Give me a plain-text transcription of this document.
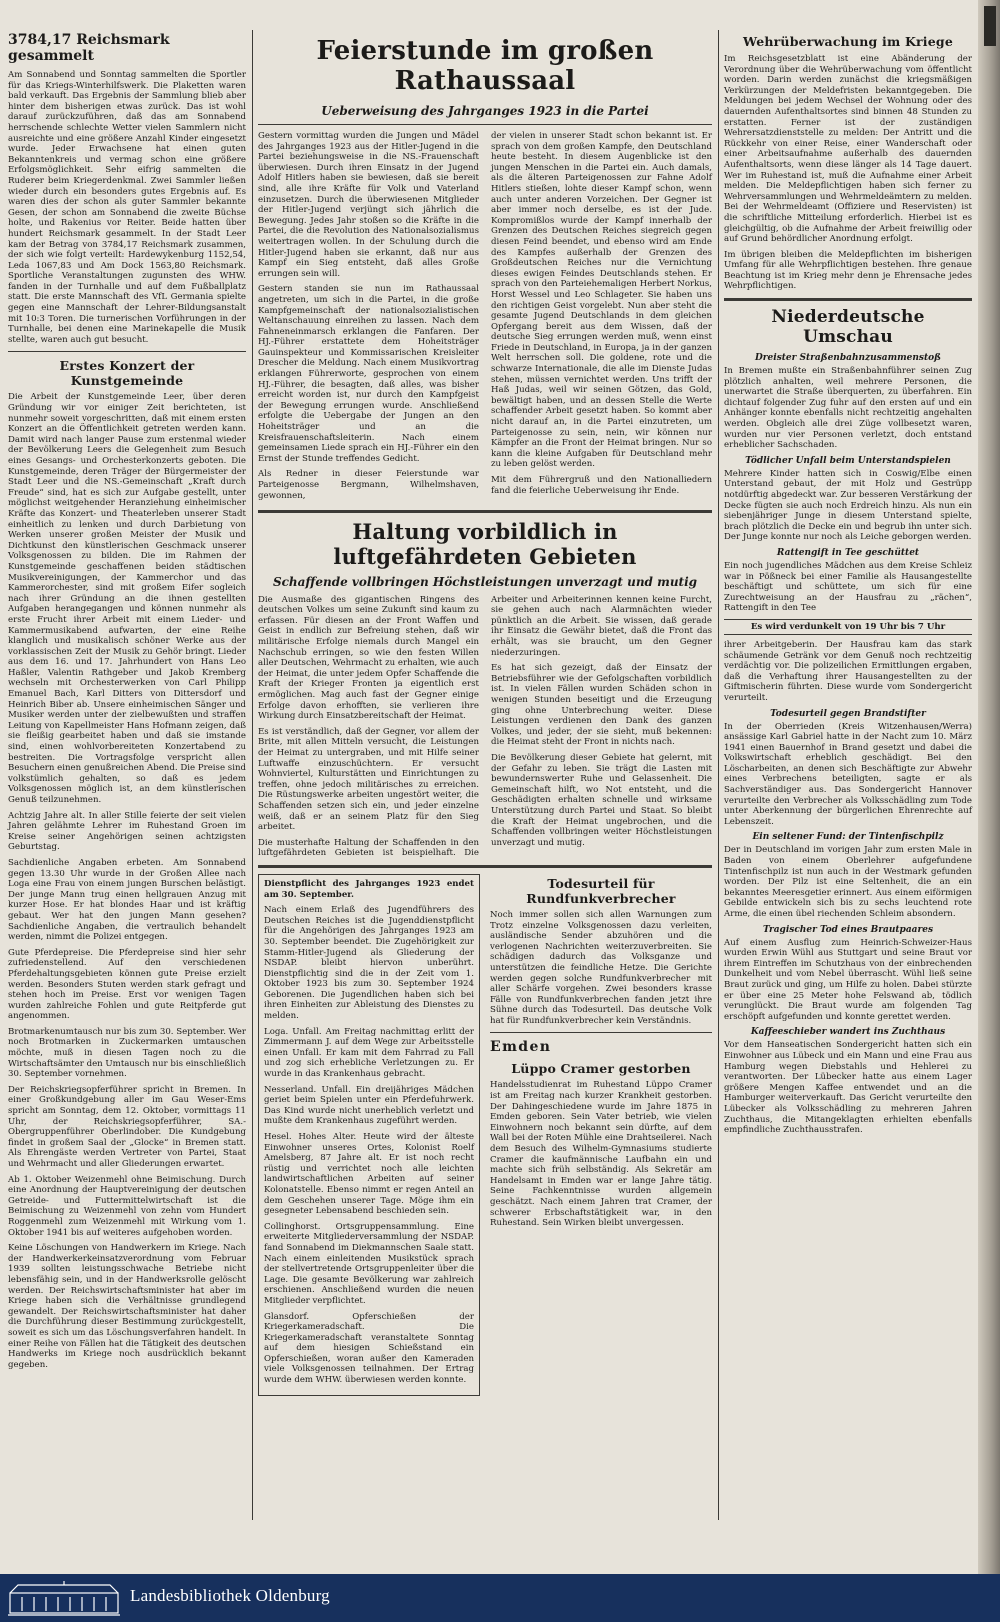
3784,17 Reichsmark gesammelt

Am Sonnabend und Sonntag sammelten die Sportler für das Kriegs-Winterhilfswerk. Die Plaketten waren bald verkauft. Das Ergebnis der Sammlung blieb aber hinter dem bisherigen etwas zurück. Das ist wohl darauf zurückzuführen, daß das am Sonnabend herrschende schlechte Wetter vielen Sammlern nicht ausreichte und eine größere Anzahl Kinder eingesetzt wurde. Jeder Erwachsene hat einen guten Bekanntenkreis und vermag schon eine größere Erfolgsmöglichkeit. Sehr eifrig sammelten die Ruderer beim Kriegerdenkmal. Zwei Sammler ließen wieder durch ein besonders gutes Ergebnis auf. Es waren dies der schon als guter Sammler bekannte Gesen, der schon am Sonnabend die zweite Büchse holte, und Rakenius vor Reiter. Beide hatten über hundert Reichsmark gesammelt. In der Stadt Leer kam der Betrag von 3784,17 Reichsmark zusammen, der sich wie folgt verteilt: Hardewykenburg 1152,54, Leda 1067,83 und Am Dock 1563,80 Reichsmark. Sportliche Veranstaltungen zugunsten des WHW. fanden in der Turnhalle und auf dem Fußballplatz statt. Die erste Mannschaft des VfL Germania spielte gegen eine Mannschaft der Lehrer-Bildungsanstalt mit 10:3 Toren. Die turnerischen Vorführungen in der Turnhalle, bei denen eine Marinekapelle die Musik stellte, waren auch gut besucht.

Erstes Konzert der Kunstgemeinde

Die Arbeit der Kunstgemeinde Leer, über deren Gründung wir vor einiger Zeit berichteten, ist nunmehr soweit vorgeschritten, daß mit einem ersten Konzert an die Öffentlichkeit getreten werden kann. Damit wird nach langer Pause zum erstenmal wieder der Bevölkerung Leers die Gelegenheit zum Besuch eines Gesangs- und Orchesterkonzerts geboten. Die Kunstgemeinde, deren Träger der Bürgermeister der Stadt Leer und die NS.-Gemeinschaft „Kraft durch Freude“ sind, hat es sich zur Aufgabe gestellt, unter möglichst weitgehender Heranziehung einheimischer Kräfte das Konzert- und Theaterleben unserer Stadt einheitlich zu lenken und durch Darbietung von Werken unserer großen Meister der Musik und Dichtkunst den künstlerischen Geschmack unserer Volksgenossen zu bilden. Die im Rahmen der Kunstgemeinde geschaffenen beiden städtischen Musikvereinigungen, der Kammerchor und das Kammerorchester, sind mit großem Eifer sogleich nach ihrer Gründung an die ihnen gestellten Aufgaben herangegangen und können nunmehr als erste Frucht ihrer Arbeit mit einem Lieder- und Kammermusikabend aufwarten, der eine Reihe klanglich und musikalisch schöner Werke aus der vorklassischen Zeit der Musik zu Gehör bringt. Lieder aus dem 16. und 17. Jahrhundert von Hans Leo Haßler, Valentin Rathgeber und Jakob Kremberg wechseln mit Orchesterwerken von Carl Philipp Emanuel Bach, Karl Ditters von Dittersdorf und Heinrich Biber ab. Unsere einheimischen Sänger und Musiker werden unter der zielbewußten und straffen Leitung von Kapellmeister Hans Hofmann zeigen, daß sie fleißig gearbeitet haben und daß sie imstande sind, einen wohlvorbereiteten Konzertabend zu bestreiten. Die Vortragsfolge verspricht allen Besuchern einen genußreichen Abend. Die Preise sind volkstümlich gehalten, so daß es jedem Volksgenossen möglich ist, an dem künstlerischen Genuß teilzunehmen.

Achtzig Jahre alt. In aller Stille feierte der seit vielen Jahren gelähmte Lehrer im Ruhestand Groen im Kreise seiner Angehörigen seinen achtzigsten Geburtstag.

Sachdienliche Angaben erbeten. Am Sonnabend gegen 13.30 Uhr wurde in der Großen Allee nach Loga eine Frau von einem jungen Burschen belästigt. Der junge Mann trug einen hellgrauen Anzug mit kurzer Hose. Er hat blondes Haar und ist kräftig gebaut. Wer hat den jungen Mann gesehen? Sachdienliche Angaben, die vertraulich behandelt werden, nimmt die Polizei entgegen.

Gute Pferdepreise. Die Pferdepreise sind hier sehr zufriedenstellend. Auf den verschiedenen Pferdehaltungsgebieten können gute Preise erzielt werden. Besonders Stuten werden stark gefragt und stehen hoch im Preise. Erst vor wenigen Tagen wurden zahlreiche Fohlen und gute Reitpferde gut angenommen.

Brotmarkenumtausch nur bis zum 30. September. Wer noch Brotmarken in Zuckermarken umtauschen möchte, muß in diesen Tagen noch zu die Wirtschaftsämter den Umtausch nur bis einschließlich 30. September vornehmen.

Der Reichskriegsopferführer spricht in Bremen. In einer Großkundgebung aller im Gau Weser-Ems spricht am Sonntag, dem 12. Oktober, vormittags 11 Uhr, der Reichskriegsopferführer, SA.-Obergruppenführer Oberlindober. Die Kundgebung findet in großem Saal der „Glocke“ in Bremen statt. Als Ehrengäste werden Vertreter von Partei, Staat und Wehrmacht und aller Gliederungen erwartet.

Ab 1. Oktober Weizenmehl ohne Beimischung. Durch eine Anordnung der Hauptvereinigung der deutschen Getreide- und Futtermittelwirtschaft ist die Beimischung zu Weizenmehl von zehn vom Hundert Roggenmehl zum Weizenmehl mit Wirkung vom 1. Oktober 1941 bis auf weiteres aufgehoben worden.

Keine Löschungen von Handwerkern im Kriege. Nach der Handwerkerkeinsatzverordnung vom Februar 1939 sollten leistungsschwache Betriebe nicht lebensfähig sein, und in der Handwerksrolle gelöscht werden. Der Reichswirtschaftsminister hat aber im Kriege haben sich die Verhältnisse grundlegend gewandelt. Der Reichswirtschaftsminister hat daher die Durchführung dieser Bestimmung zurückgestellt, soweit es sich um das Löschungsverfahren handelt. In einer Reihe von Fällen hat die Tätigkeit des deutschen Handwerks im Kriege noch ausdrücklich bekannt gegeben.

Feierstunde im großen Rathaussaal
Ueberweisung des Jahrganges 1923 in die Partei

Gestern vormittag wurden die Jungen und Mädel des Jahrganges 1923 aus der Hitler-Jugend in die Partei beziehungsweise in die NS.-Frauenschaft überwiesen. Durch ihren Einsatz in der Jugend Adolf Hitlers haben sie bewiesen, daß sie bereit sind, alle ihre Kräfte für Volk und Vaterland einzusetzen. Durch die überwiesenen Mitglieder der Hitler-Jugend verjüngt sich jährlich die Bewegung. Jedes Jahr stoßen so die Kräfte in die Partei, die die Revolution des Nationalsozialismus weitertragen wollen. In der Schulung durch die Hitler-Jugend haben sie erkannt, daß nur aus Kampf ein Sieg entsteht, daß alles Große errungen sein will.

Gestern standen sie nun im Rathaussaal angetreten, um sich in die Partei, in die große Kampfgemeinschaft der nationalsozialistischen Weltanschauung einreihen zu lassen. Nach dem Fahneneinmarsch erklangen die Fanfaren. Der HJ.-Führer erstattete dem Hoheitsträger Gauinspekteur und Kommissarischen Kreisleiter Drescher die Meldung. Nach einem Musikvortrag erklangen Führerworte, gesprochen von einem HJ.-Führer, die besagten, daß alles, was bisher erreicht worden ist, nur durch den Kampfgeist der Bewegung errungen wurde. Anschließend erfolgte die Uebergabe der Jungen an den Hoheitsträger und an die Kreisfrauenschaftsleiterin. Nach einem gemeinsamen Liede sprach ein HJ.-Führer ein den Ernst der Stunde treffendes Gedicht.

Als Redner in dieser Feierstunde war Parteigenosse Bergmann, Wilhelmshaven, gewonnen,

der vielen in unserer Stadt schon bekannt ist. Er sprach von dem großen Kampfe, den Deutschland heute besteht. In diesem Augenblicke ist den jungen Menschen in die Partei ein. Auch damals, als die älteren Parteigenossen zur Fahne Adolf Hitlers stießen, lohte dieser Kampf schon, wenn auch unter anderen Vorzeichen. Der Gegner ist aber immer noch derselbe, es ist der Jude. Kompromißlos wurde der Kampf innerhalb der Grenzen des Deutschen Reiches siegreich gegen diesen Feind beendet, und ebenso wird am Ende des Kampfes außerhalb der Grenzen des Großdeutschen Reiches nur die Vernichtung dieses ewigen Feindes Deutschlands stehen. Er sprach von den Parteiehemaligen Herbert Norkus, Horst Wessel und Leo Schlageter. Sie haben uns den richtigen Geist vorgelebt. Nun aber steht die gesamte Jugend Deutschlands in dem gleichen Opfergang bereit aus dem Wissen, daß der deutsche Sieg errungen werden muß, wenn einst Friede in Deutschland, in Europa, ja in der ganzen Welt herrschen soll. Die goldene, rote und die schwarze Internationale, die alle im Dienste Judas stehen, müssen vernichtet werden. Uns trifft der Haß Judas, weil wir seinen Götzen, das Gold, bewältigt haben, und an dessen Stelle die Werte schaffender Arbeit gesetzt haben. So kommt aber nicht darauf an, in die Partei einzutreten, um Parteigenosse zu sein, nein, wir können nur Kämpfer an die Front der Heimat bringen. Nur so kann die kleine Aufgaben für Deutschland mehr zu leben gelöst werden.

Mit dem Führergruß und den Nationalliedern fand die feierliche Ueberweisung ihr Ende.

Haltung vorbildlich in luftgefährdeten Gebieten
Schaffende vollbringen Höchstleistungen unverzagt und mutig

Die Ausmaße des gigantischen Ringens des deutschen Volkes um seine Zukunft sind kaum zu erfassen. Für diesen an der Front Waffen und Geist in endlich zur Befreiung stehen, daß wir militärische Erfolge niemals durch Mangel ein Nachschub erringen, so wie den festen Willen aller Deutschen, Wehrmacht zu erhalten, wie auch der Heimat, die unter jedem Opfer Schaffende die Kraft der Krieger Fronten ja eigentlich erst ermöglichen. Mag auch fast der Gegner einige Erfolge davon erhofften, sie verlieren ihre Wirkung durch Einsatzbereitschaft der Heimat.

Es ist verständlich, daß der Gegner, vor allem der Brite, mit allen Mitteln versucht, die Leistungen der Heimat zu untergraben, und mit Hilfe seiner Luftwaffe einzuschüchtern. Er versucht Wohnviertel, Kulturstätten und Einrichtungen zu treffen, ohne jedoch militärisches zu erreichen. Die Rüstungswerke arbeiten ungestört weiter, die Schaffenden setzen sich ein, und jeder einzelne weiß, daß er an seinem Platz für den Sieg arbeitet.

Die musterhafte Haltung der Schaffenden in den luftgefährdeten Gebieten ist beispielhaft. Die Arbeiter und Arbeiterinnen kennen keine Furcht, sie gehen auch nach Alarmnächten wieder pünktlich an die Arbeit. Sie wissen, daß gerade ihr Einsatz die Gewähr bietet, daß die Front das erhält, was sie braucht, um den Gegner niederzuringen.

Es hat sich gezeigt, daß der Einsatz der Betriebsführer wie der Gefolgschaften vorbildlich ist. In vielen Fällen wurden Schäden schon in wenigen Stunden beseitigt und die Erzeugung ging ohne Unterbrechung weiter. Diese Leistungen verdienen den Dank des ganzen Volkes, und jeder, der sie sieht, muß bekennen: die Heimat steht der Front in nichts nach.

Die Bevölkerung dieser Gebiete hat gelernt, mit der Gefahr zu leben. Sie trägt die Lasten mit bewundernswerter Ruhe und Gelassenheit. Die Gemeinschaft hilft, wo Not entsteht, und die Geschädigten erhalten schnelle und wirksame Unterstützung durch Partei und Staat. So bleibt die Kraft der Heimat ungebrochen, und die Schaffenden vollbringen weiter Höchstleistungen unverzagt und mutig.

Dienstpflicht des Jahrganges 1923 endet am 30. September.

Nach einem Erlaß des Jugendführers des Deutschen Reiches ist die Jugenddienstpflicht für die Angehörigen des Jahrganges 1923 am 30. September beendet. Die Zugehörigkeit zur Stamm-Hitler-Jugend als Gliederung der NSDAP. bleibt hiervon unberührt. Dienstpflichtig sind die in der Zeit vom 1. Oktober 1923 bis zum 30. September 1924 Geborenen. Die Jugendlichen haben sich bei ihren Einheiten zur Ableistung des Dienstes zu melden.

Loga. Unfall. Am Freitag nachmittag erlitt der Zimmermann J. auf dem Wege zur Arbeitsstelle einen Unfall. Er kam mit dem Fahrrad zu Fall und zog sich erhebliche Verletzungen zu. Er wurde in das Krankenhaus gebracht.

Nesserland. Unfall. Ein dreijähriges Mädchen geriet beim Spielen unter ein Pferdefuhrwerk. Das Kind wurde nicht unerheblich verletzt und mußte dem Krankenhaus zugeführt werden.

Hesel. Hohes Alter. Heute wird der älteste Einwohner unseres Ortes, Kolonist Roelf Amelsberg, 87 Jahre alt. Er ist noch recht rüstig und verrichtet noch alle leichten landwirtschaftlichen Arbeiten auf seiner Kolonatstelle. Ebenso nimmt er regen Anteil an dem Geschehen unserer Tage. Möge ihm ein gesegneter Lebensabend beschieden sein.

Collinghorst. Ortsgruppensammlung. Eine erweiterte Mitgliederversammlung der NSDAP. fand Sonnabend im Diekmannschen Saale statt. Nach einem einleitenden Musikstück sprach der stellvertretende Ortsgruppenleiter über die Lage. Die gesamte Bevölkerung war zahlreich erschienen. Anschließend wurden die neuen Mitglieder verpflichtet.

Glansdorf. Opferschießen der Kriegerkameradschaft. Die Kriegerkameradschaft veranstaltete Sonntag auf dem hiesigen Schießstand ein Opferschießen, woran außer den Kameraden viele Volksgenossen teilnahmen. Der Ertrag wurde dem WHW. überwiesen werden konnte.

Todesurteil für Rundfunkverbrecher

Noch immer sollen sich allen Warnungen zum Trotz einzelne Volksgenossen dazu verleiten, ausländische Sender abzuhören und die verlogenen Nachrichten weiterzuverbreiten. Sie schädigen dadurch das Volksganze und unterstützen die feindliche Hetze. Die Gerichte werden gegen solche Rundfunkverbrecher mit aller Schärfe vorgehen. Zwei besonders krasse Fälle von Rundfunkverbrechen fanden jetzt ihre Sühne durch das Todesurteil. Das deutsche Volk hat für Rundfunkverbrecher kein Verständnis.

Emden
Lüppo Cramer gestorben

Handelsstudienrat im Ruhestand Lüppo Cramer ist am Freitag nach kurzer Krankheit gestorben. Der Dahingeschiedene wurde im Jahre 1875 in Emden geboren. Sein Vater betrieb, wie vielen Einwohnern noch bekannt sein dürfte, auf dem Wall bei der Roten Mühle eine Drahtseilerei. Nach dem Besuch des Wilhelm-Gymnasiums studierte Cramer die kaufmännische Laufbahn ein und machte sich früh selbständig. Als Sekretär am Handelsamt in Emden war er lange Jahre tätig. Seine Fachkenntnisse wurden allgemein geschätzt. Nach einem Jahren trat Cramer, der schwerer Erbschaftstätigkeit war, in den Ruhestand. Sein Wirken bleibt unvergessen.

Wehrüberwachung im Kriege

Im Reichsgesetzblatt ist eine Abänderung der Verordnung über die Wehrüberwachung vom öffentlicht worden. Darin werden zunächst die kriegsmäßigen Verkürzungen der Meldefristen bekanntgegeben. Die Meldungen bei jedem Wechsel der Wohnung oder des dauernden Aufenthaltsortes sind binnen 48 Stunden zu erstatten. Ferner ist der zuständigen Wehrersatzdienststelle zu melden: Der Antritt und die Rückkehr von einer Reise, einer Wanderschaft oder einer Arbeitsaufnahme außerhalb des dauernden Aufenthaltsorts, wenn diese länger als 14 Tage dauert. Wer im Ruhestand ist, muß die Aufnahme einer Arbeit melden. Die Meldepflichtigen haben sich ferner zu Wehrversammlungen und Wehrmeldeämtern zu melden. Bei der Wehrmeldeamt (Offiziere und Reservisten) ist die schriftliche Mitteilung erforderlich. Hierbei ist es gleichgültig, ob die Aufnahme der Arbeit freiwillig oder auf Grund behördlicher Anordnung erfolgt.

Im übrigen bleiben die Meldepflichten im bisherigen Umfang für alle Wehrpflichtigen bestehen. Ihre genaue Beachtung ist im Krieg mehr denn je Ehrensache jedes Wehrpflichtigen.

Niederdeutsche Umschau
Dreister Straßenbahnzusammenstoß

In Bremen mußte ein Straßenbahnführer seinen Zug plötzlich anhalten, weil mehrere Personen, die unerwartet die Straße überquerten, zu überfahren. Ein dichtauf folgender Zug fuhr auf den ersten auf und ein Anhänger konnte ebenfalls nicht rechtzeitig angehalten werden. Obgleich alle drei Züge vollbesetzt waren, wurden nur vier Personen verletzt, doch entstand erheblicher Sachschaden.

Tödlicher Unfall beim Unterstandspielen

Mehrere Kinder hatten sich in Coswig/Elbe einen Unterstand gebaut, der mit Holz und Gestrüpp notdürftig abgedeckt war. Zur besseren Verstärkung der Decke fügten sie auch noch Erdreich hinzu. Als nun ein siebenjähriger Junge in diesem Unterstand spielte, brach plötzlich die Decke ein und begrub ihn unter sich. Der Junge konnte nur noch als Leiche geborgen werden.

Rattengift in Tee geschüttet

Ein noch jugendliches Mädchen aus dem Kreise Schleiz war in Pößneck bei einer Familie als Hausangestellte beschäftigt und schüttete, um sich für eine Zurechtweisung an der Hausfrau zu „rächen“, Rattengift in den Tee

Es wird verdunkelt von 19 Uhr bis 7 Uhr

ihrer Arbeitgeberin. Der Hausfrau kam das stark schäumende Getränk vor dem Genuß noch rechtzeitig verdächtig vor. Die polizeilichen Ermittlungen ergaben, daß die Verhaftung ihrer Hausangestellten zu der Giftmischerin führten. Diese wurde vom Sondergericht verurteilt.

Todesurteil gegen Brandstifter

In der Oberrieden (Kreis Witzenhausen/Werra) ansässige Karl Gabriel hatte in der Nacht zum 10. März 1941 einen Bauernhof in Brand gesetzt und dabei die Volkswirtschaft erheblich geschädigt. Bei den Löscharbeiten, an denen sich Beschäftigte zur Abwehr eines Verbrechens beteiligten, sagte er als Sachverständiger aus. Das Sondergericht Hannover verurteilte den Verbrecher als Volksschädling zum Tode unter Aberkennung der bürgerlichen Ehrenrechte auf Lebenszeit.

Ein seltener Fund: der Tintenfischpilz

Der in Deutschland im vorigen Jahr zum ersten Male in Baden von einem Oberlehrer aufgefundene Tintenfischpilz ist nun auch in der Westmark gefunden worden. Der Pilz ist eine Seltenheit, die an ein bekanntes Meeresgetier erinnert. Aus einem eiförmigen Gebilde entwickeln sich bis zu sechs leuchtend rote Arme, die einen übel riechenden Schleim absondern.

Tragischer Tod eines Brautpaares

Auf einem Ausflug zum Heinrich-Schweizer-Haus wurden Erwin Wühl aus Stuttgart und seine Braut vor ihrem Eintreffen im Schutzhaus von der einbrechenden Dunkelheit und vom Nebel überrascht. Wühl ließ seine Braut zurück und ging, um Hilfe zu holen. Dabei stürzte er über eine 25 Meter hohe Felswand ab, tödlich verunglückt. Die Braut wurde am folgenden Tag erschöpft aufgefunden und konnte gerettet werden.

Kaffeeschieber wandert ins Zuchthaus

Vor dem Hanseatischen Sondergericht hatten sich ein Einwohner aus Lübeck und ein Mann und eine Frau aus Hamburg wegen Diebstahls und Hehlerei zu verantworten. Der Lübecker hatte aus einem Lager größere Mengen Kaffee entwendet und an die Hamburger weiterverkauft. Das Gericht verurteilte den Lübecker als Volksschädling zu mehreren Jahren Zuchthaus, die Mitangeklagten erhielten ebenfalls empfindliche Zuchthausstrafen.

Landesbibliothek Oldenburg
